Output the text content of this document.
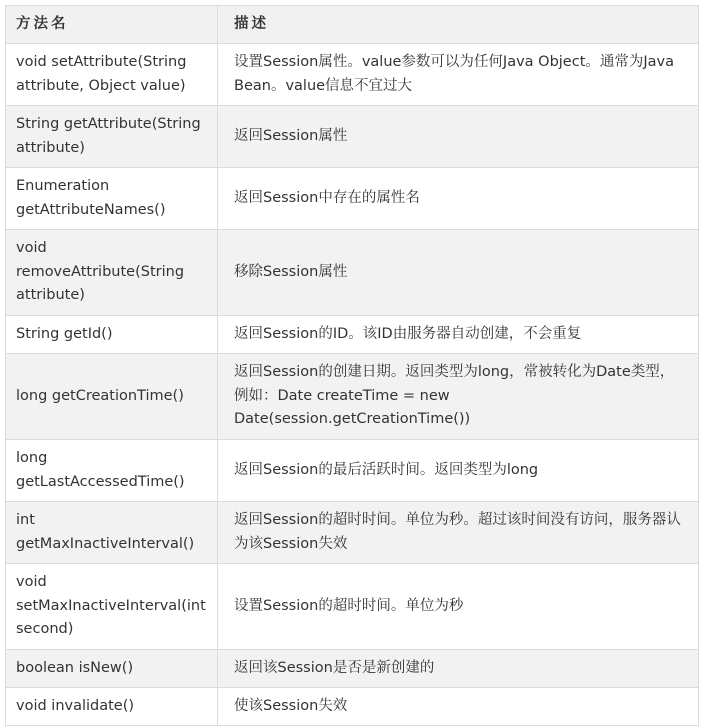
方法名	描述
void setAttribute(String attribute, Object value)	设置Session属性。value参数可以为任何Java Object。通常为Java Bean。value信息不宜过大
String getAttribute(String attribute)	返回Session属性
Enumeration getAttributeNames()	返回Session中存在的属性名
void removeAttribute(String attribute)	移除Session属性
String getId()	返回Session的ID。该ID由服务器自动创建，不会重复
long getCreationTime()	返回Session的创建日期。返回类型为long，常被转化为Date类型，例如：Date createTime = new Date(session.getCreationTime())
long getLastAccessedTime()	返回Session的最后活跃时间。返回类型为long
int getMaxInactiveInterval()	返回Session的超时时间。单位为秒。超过该时间没有访问，服务器认为该Session失效
void setMaxInactiveInterval(int second)	设置Session的超时时间。单位为秒
boolean isNew()	返回该Session是否是新创建的
void invalidate()	使该Session失效
